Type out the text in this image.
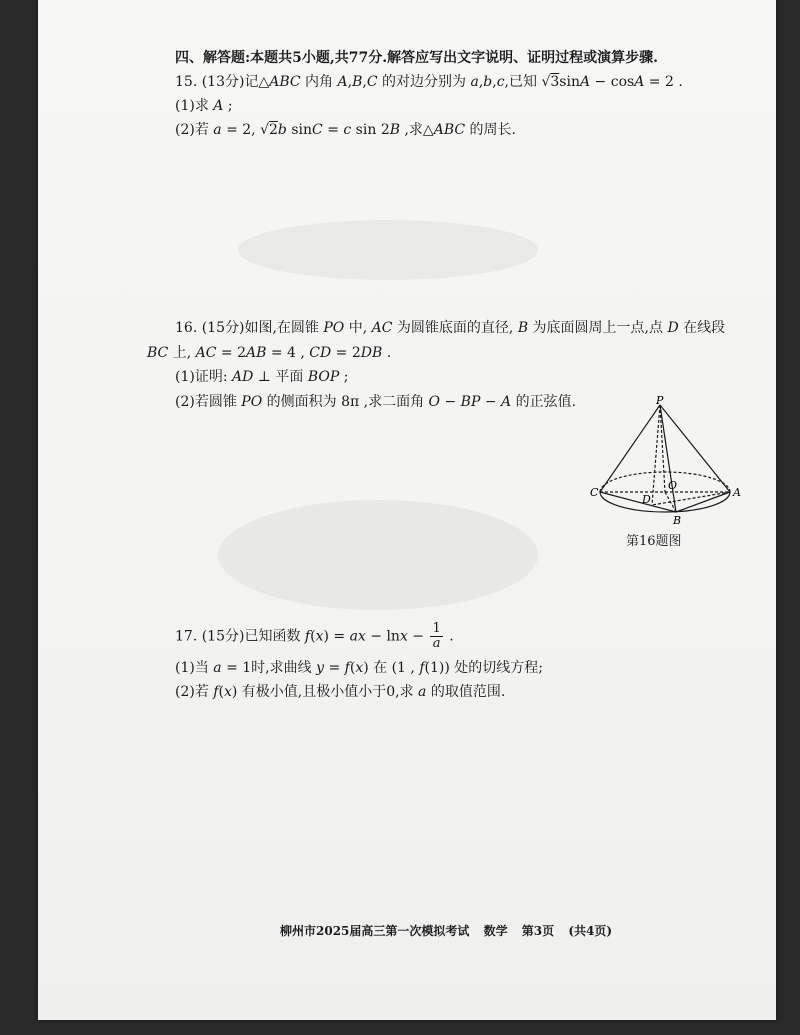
四、解答题:本题共5小题,共77分.解答应写出文字说明、证明过程或演算步骤.
15. (13分)记△ABC 内角 A,B,C 的对边分别为 a,b,c,已知 √3sinA − cosA = 2 .
(1)求 A ;
(2)若 a = 2, √2b sinC = c sin 2B ,求△ABC 的周长.
16. (15分)如图,在圆锥 PO 中, AC 为圆锥底面的直径, B 为底面圆周上一点,点 D 在线段
BC 上, AC = 2AB = 4 , CD = 2DB .
(1)证明: AD ⊥ 平面 BOP ;
(2)若圆锥 PO 的侧面积为 8π ,求二面角 O − BP − A 的正弦值.	P
O
C
D
A
B
第16题图
17. (15分)已知函数 f(x) = ax − $\ln x - \frac{1}{a}$ .
(1)当 a = 1时,求曲线 y = f(x) 在 (1 , f(1)) 处的切线方程;
(2)若 f(x) 有极小值,且极小值小于0,求 a 的取值范围.
柳州市2025届高三第一次模拟考试 数学 第3页 (共4页)
